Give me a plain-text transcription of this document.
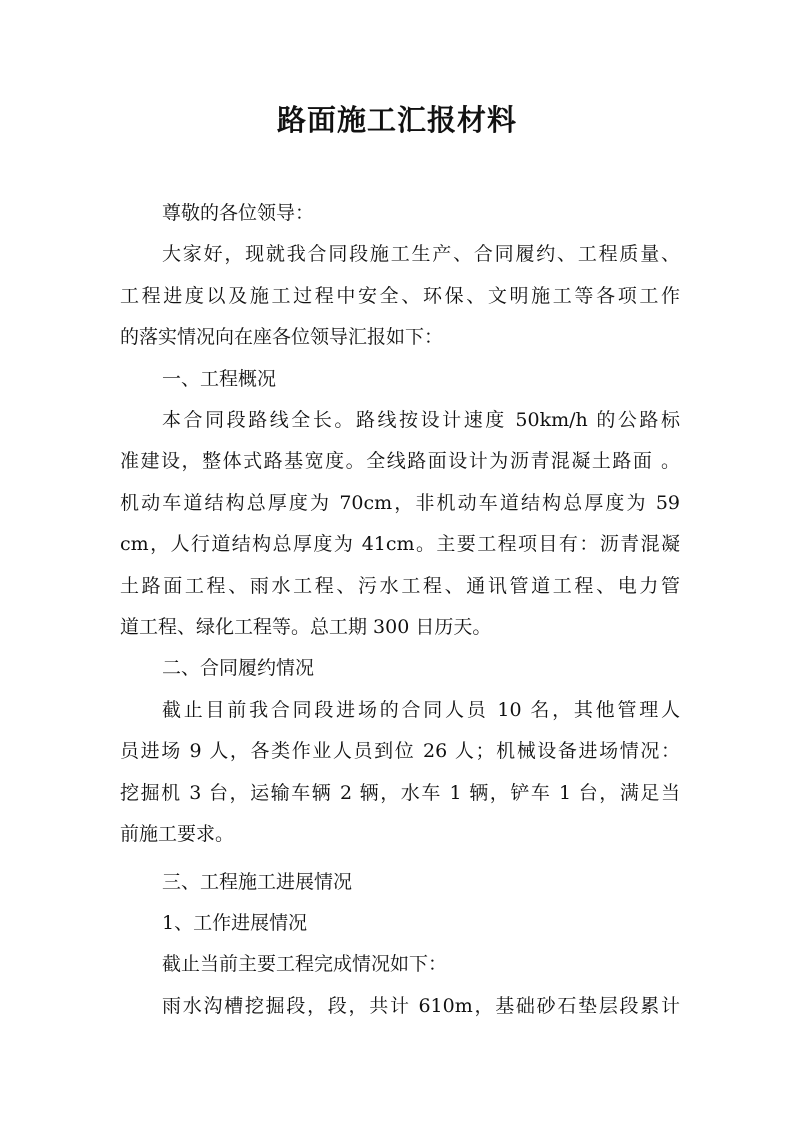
路面施工汇报材料
尊敬的各位领导：
大家好，现就我合同段施工生产、合同履约、工程质量、
工程进度以及施工过程中安全、环保、文明施工等各项工作
的落实情况向在座各位领导汇报如下：
一、工程概况
本合同段路线全长。路线按设计速度 50km/h 的公路标
准建设，整体式路基宽度。全线路面设计为沥青混凝土路面 。
机动车道结构总厚度为 70cm，非机动车道结构总厚度为 59
cm，人行道结构总厚度为 41cm。主要工程项目有：沥青混凝
土路面工程、雨水工程、污水工程、通讯管道工程、电力管
道工程、绿化工程等。总工期 300 日历天。
二、合同履约情况
截止目前我合同段进场的合同人员 10 名，其他管理人
员进场 9 人，各类作业人员到位 26 人；机械设备进场情况：
挖掘机 3 台，运输车辆 2 辆，水车 1 辆，铲车 1 台，满足当
前施工要求。
三、工程施工进展情况
1、工作进展情况
截止当前主要工程完成情况如下：
雨水沟槽挖掘段，段，共计 610m，基础砂石垫层段累计
